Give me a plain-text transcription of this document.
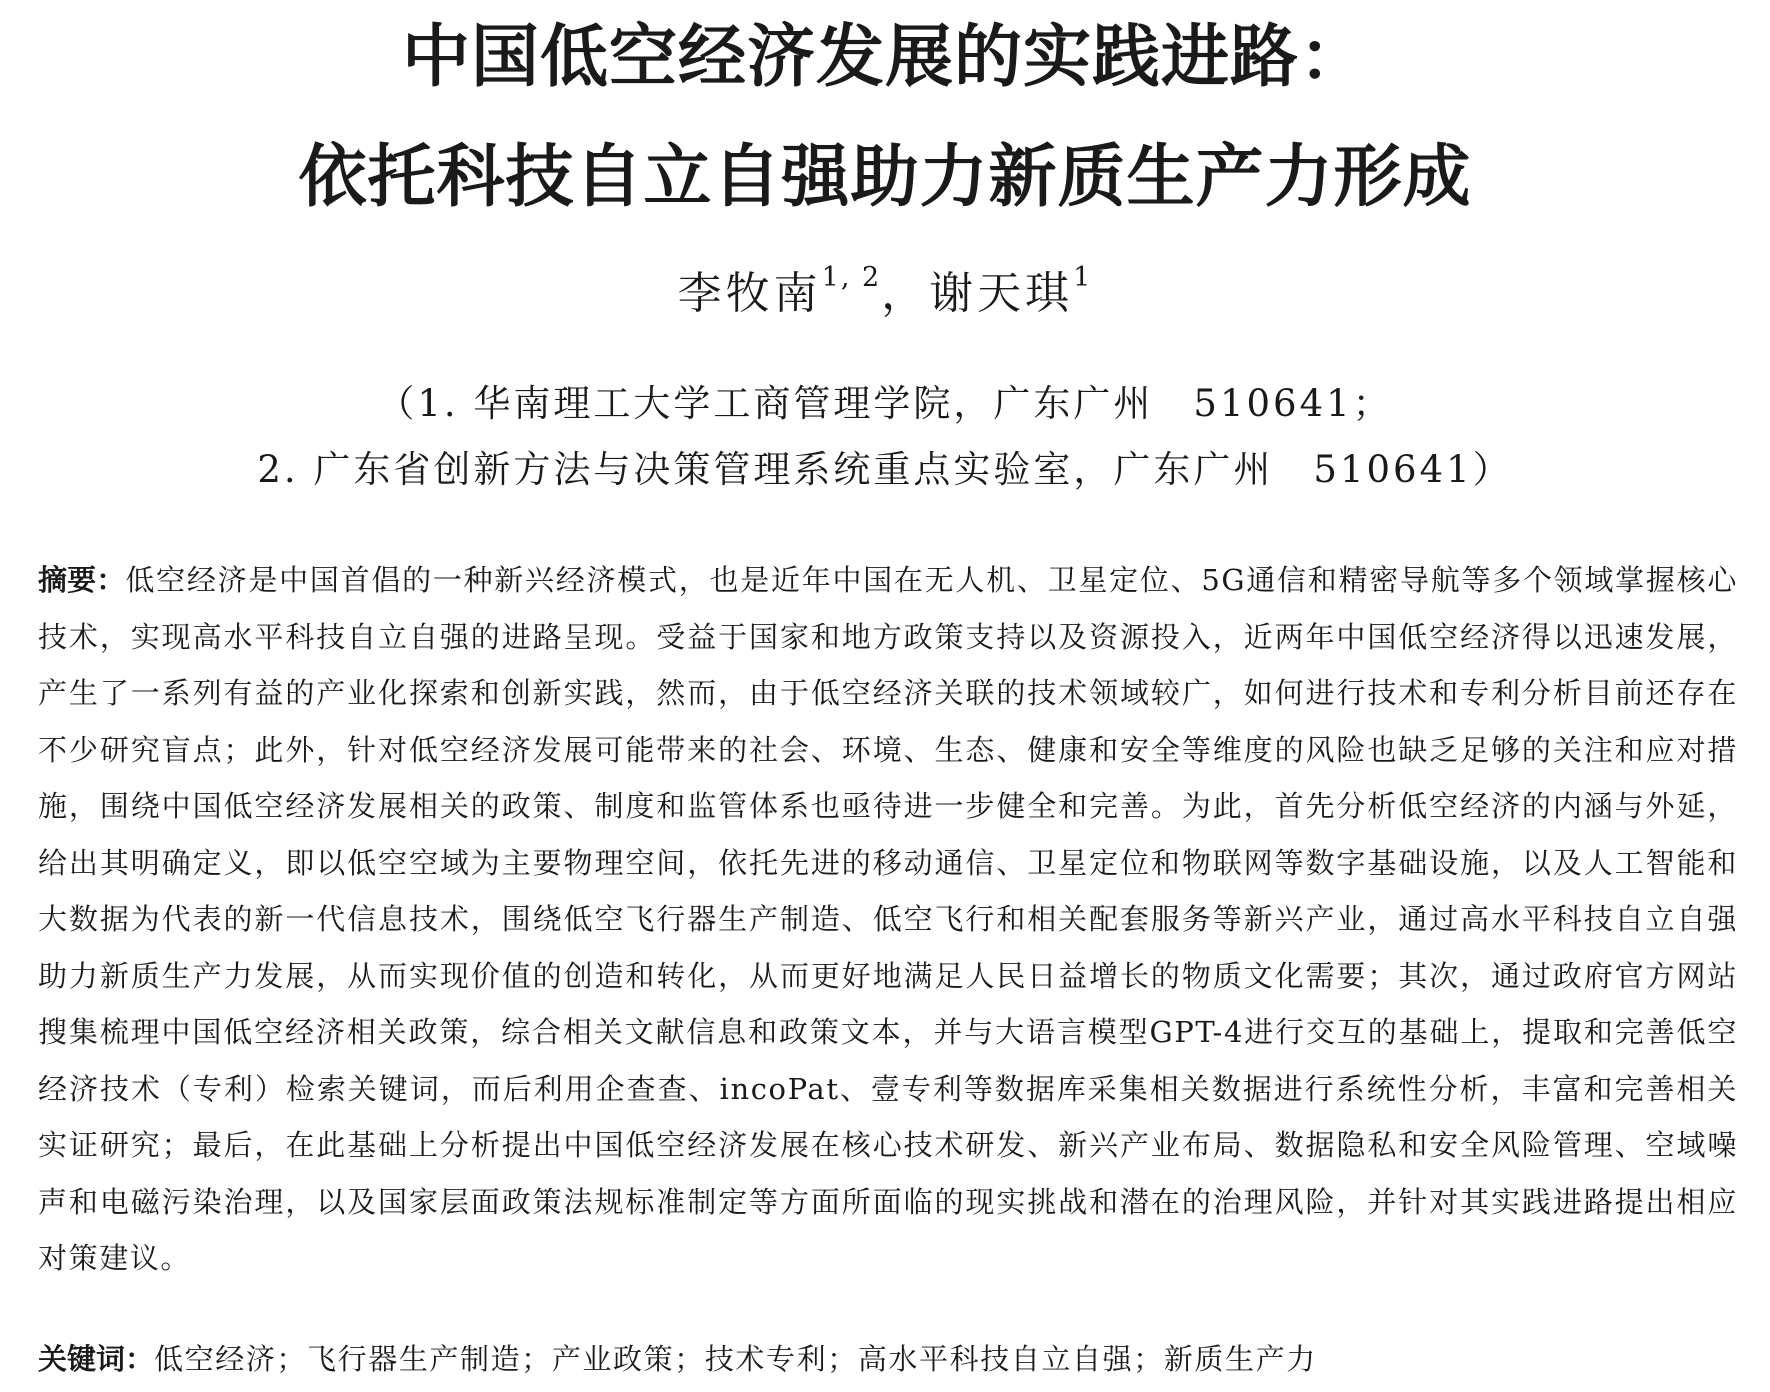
中国低空经济发展的实践进路：
依托科技自立自强助力新质生产力形成
李牧南$^{1, 2}$，谢天琪$^1$
（1. 华南理工大学工商管理学院，广东广州　510641；
2. 广东省创新方法与决策管理系统重点实验室，广东广州　510641）
摘要：低空经济是中国首倡的一种新兴经济模式，也是近年中国在无人机、卫星定位、5G通信和精密导航等多个领域掌握核心技术，实现高水平科技自立自强的进路呈现。受益于国家和地方政策支持以及资源投入，近两年中国低空经济得以迅速发展，产生了一系列有益的产业化探索和创新实践，然而，由于低空经济关联的技术领域较广，如何进行技术和专利分析目前还存在不少研究盲点；此外，针对低空经济发展可能带来的社会、环境、生态、健康和安全等维度的风险也缺乏足够的关注和应对措施，围绕中国低空经济发展相关的政策、制度和监管体系也亟待进一步健全和完善。为此，首先分析低空经济的内涵与外延，给出其明确定义，即以低空空域为主要物理空间，依托先进的移动通信、卫星定位和物联网等数字基础设施，以及人工智能和大数据为代表的新一代信息技术，围绕低空飞行器生产制造、低空飞行和相关配套服务等新兴产业，通过高水平科技自立自强助力新质生产力发展，从而实现价值的创造和转化，从而更好地满足人民日益增长的物质文化需要；其次，通过政府官方网站搜集梳理中国低空经济相关政策，综合相关文献信息和政策文本，并与大语言模型GPT-4进行交互的基础上，提取和完善低空经济技术（专利）检索关键词，而后利用企查查、incoPat、壹专利等数据库采集相关数据进行系统性分析，丰富和完善相关实证研究；最后，在此基础上分析提出中国低空经济发展在核心技术研发、新兴产业布局、数据隐私和安全风险管理、空域噪声和电磁污染治理，以及国家层面政策法规标准制定等方面所面临的现实挑战和潜在的治理风险，并针对其实践进路提出相应对策建议。
关键词：低空经济；飞行器生产制造；产业政策；技术专利；高水平科技自立自强；新质生产力
